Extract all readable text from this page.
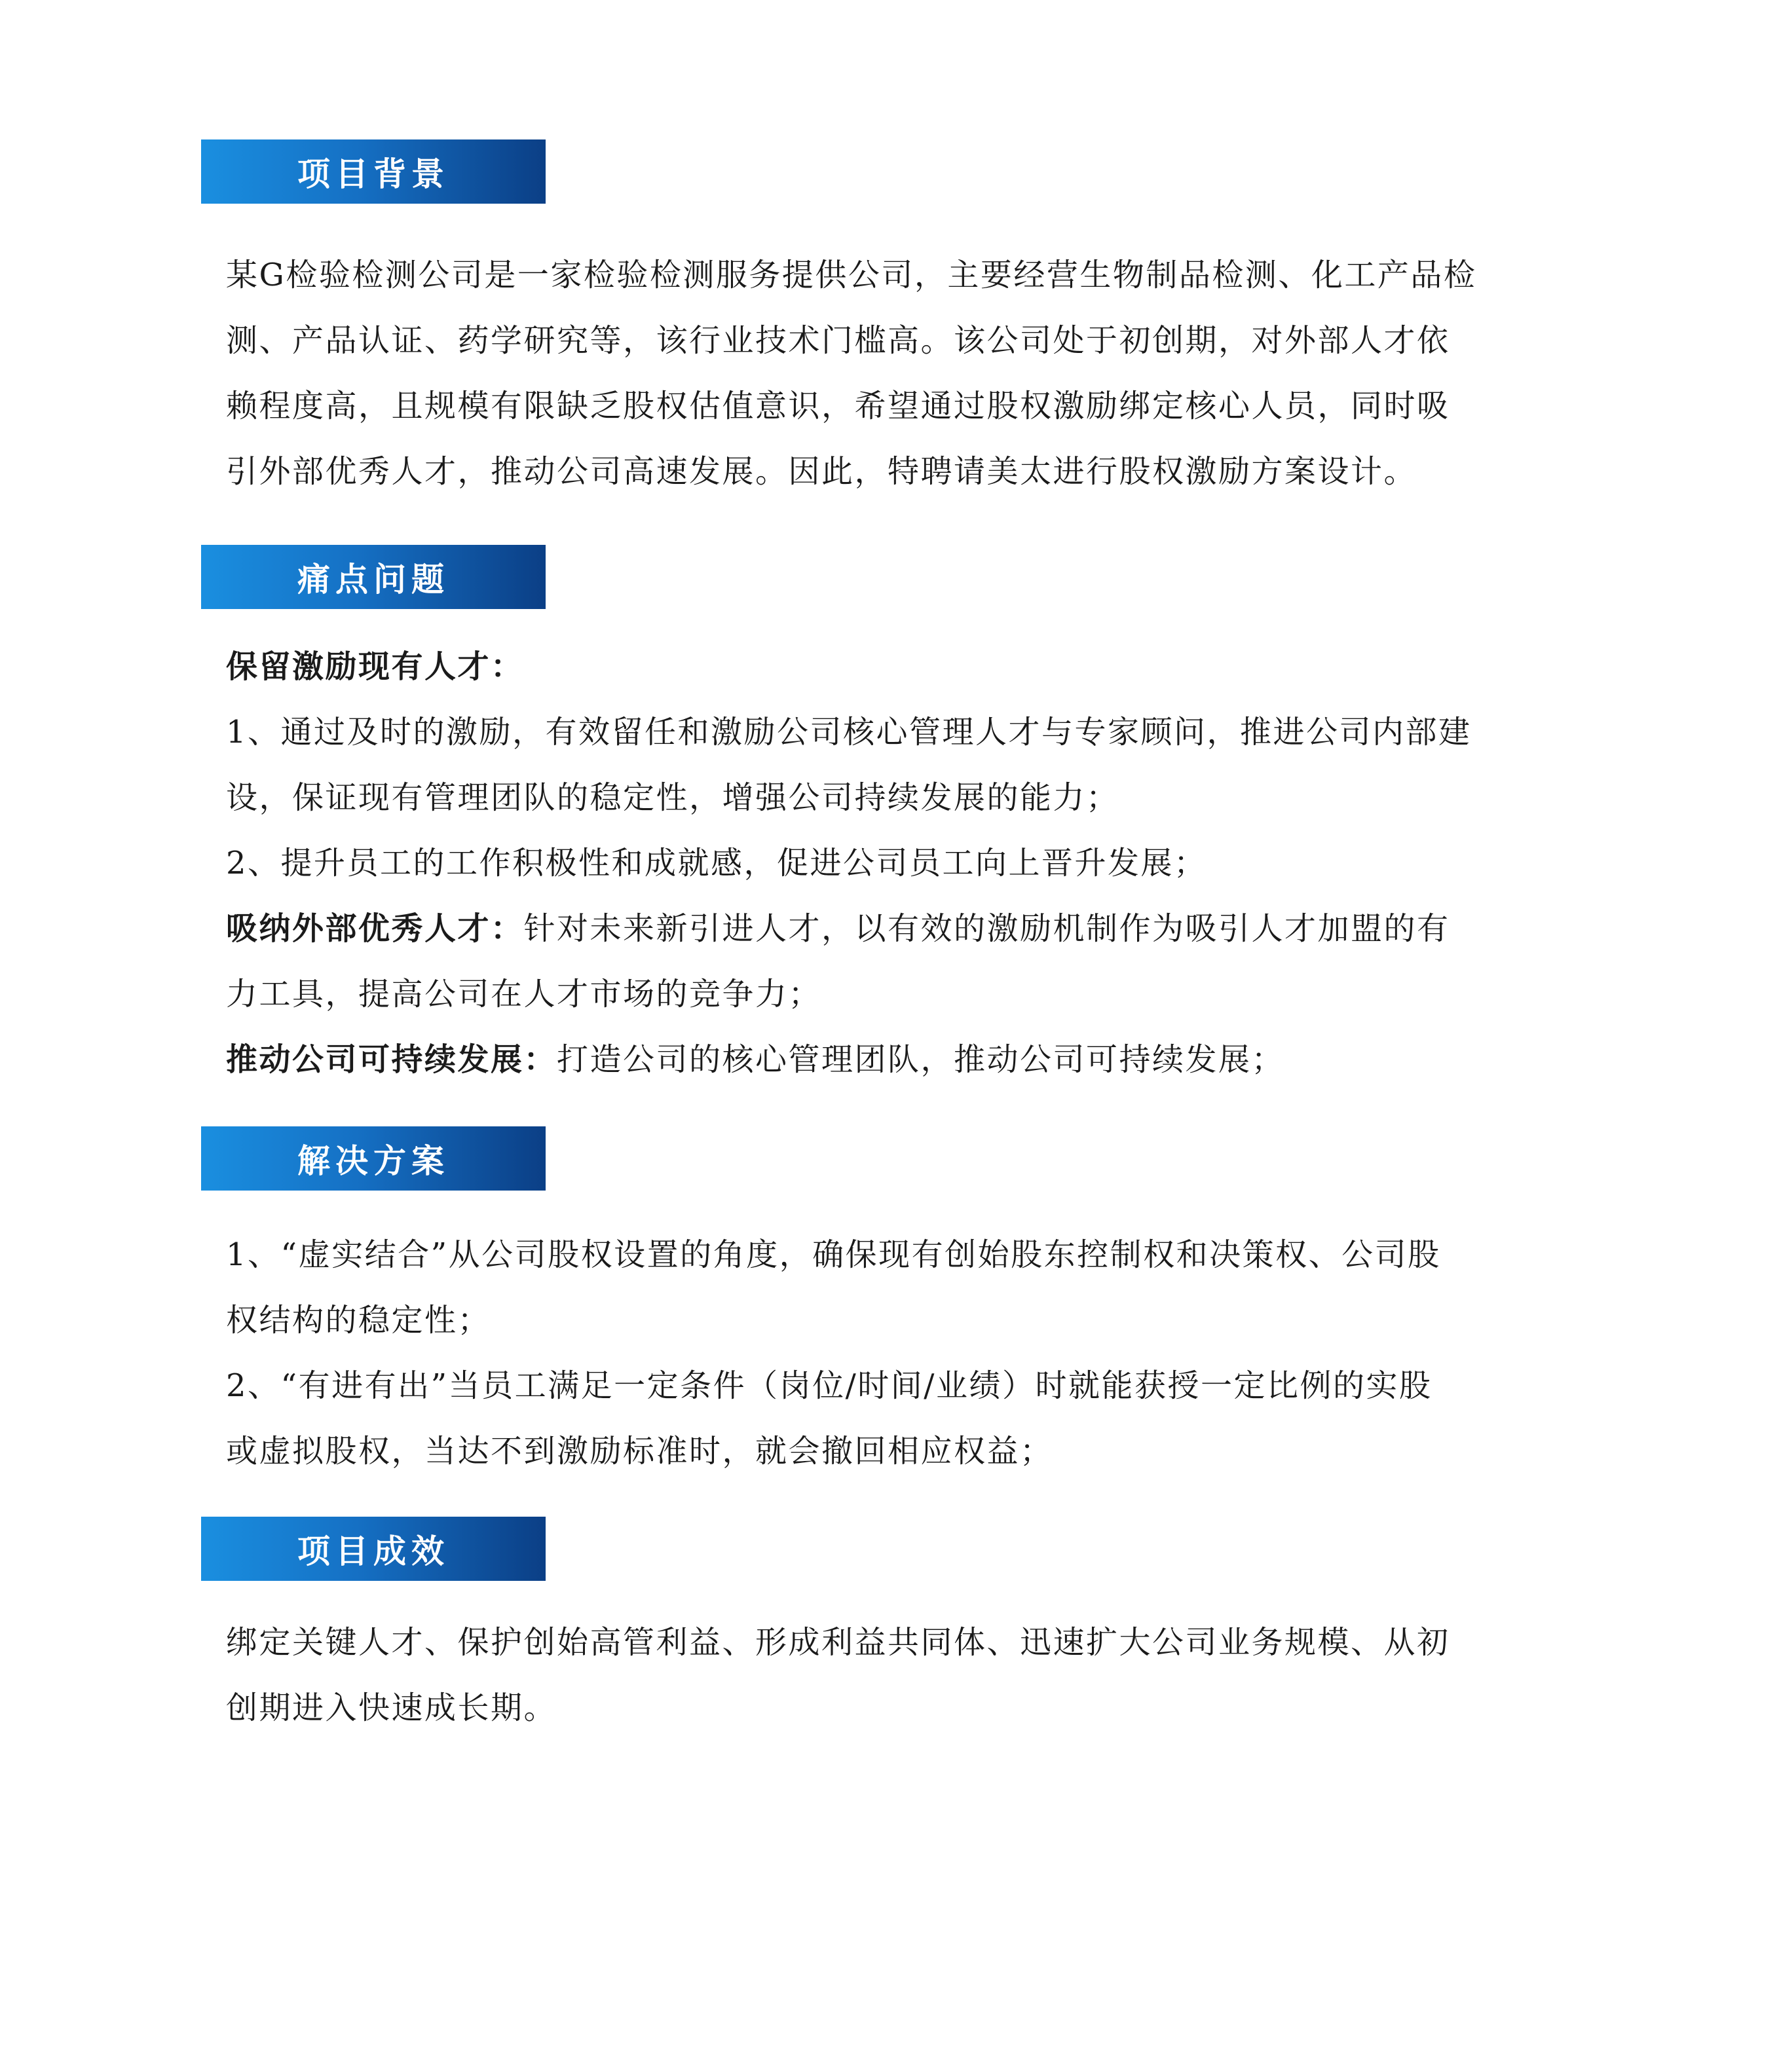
项目背景
某G检验检测公司是一家检验检测服务提供公司，主要经营生物制品检测、化工产品检
测、产品认证、药学研究等，该行业技术门槛高。该公司处于初创期，对外部人才依
赖程度高，且规模有限缺乏股权估值意识，希望通过股权激励绑定核心人员，同时吸
引外部优秀人才，推动公司高速发展。因此，特聘请美太进行股权激励方案设计。
痛点问题
保留激励现有人才：
1、通过及时的激励，有效留任和激励公司核心管理人才与专家顾问，推进公司内部建
设，保证现有管理团队的稳定性，增强公司持续发展的能力；
2、提升员工的工作积极性和成就感，促进公司员工向上晋升发展；
吸纳外部优秀人才：针对未来新引进人才，以有效的激励机制作为吸引人才加盟的有
力工具，提高公司在人才市场的竞争力；
推动公司可持续发展：打造公司的核心管理团队，推动公司可持续发展；
解决方案
1、“虚实结合”从公司股权设置的角度，确保现有创始股东控制权和决策权、公司股
权结构的稳定性；
2、“有进有出”当员工满足一定条件（岗位/时间/业绩）时就能获授一定比例的实股
或虚拟股权，当达不到激励标准时，就会撤回相应权益；
项目成效
绑定关键人才、保护创始高管利益、形成利益共同体、迅速扩大公司业务规模、从初
创期进入快速成长期。
